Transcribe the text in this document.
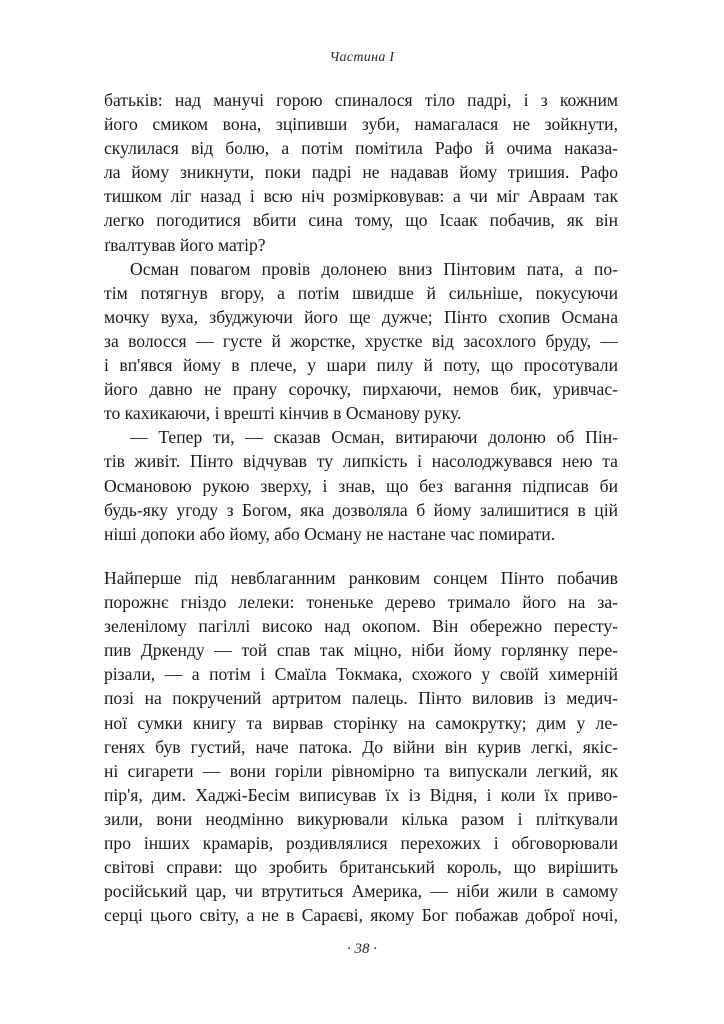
Частина I
батьків: над манучі горою спиналося тіло падрі, і з кожним
його смиком вона, зціпивши зуби, намагалася не зойкнути,
скулилася від болю, а потім помітила Рафо й очима наказа-
ла йому зникнути, поки падрі не надавав йому тришия. Рафо
тишком ліг назад і всю ніч розмірковував: а чи міг Авраам так
легко погодитися вбити сина тому, що Ісаак побачив, як він
ґвалтував його матір?
Осман повагом провів долонею вниз Пінтовим пата, а по-
тім потягнув вгору, а потім швидше й сильніше, покусуючи
мочку вуха, збуджуючи його ще дужче; Пінто схопив Османа
за волосся — густе й жорстке, хрустке від засохлого бруду, —
і вп'явся йому в плече, у шари пилу й поту, що просотували
його давно не прану сорочку, пирхаючи, немов бик, уривчас-
то кахикаючи, і врешті кінчив в Османову руку.
— Тепер ти, — сказав Осман, витираючи долоню об Пін-
тів живіт. Пінто відчував ту липкість і насолоджувався нею та
Османовою рукою зверху, і знав, що без вагання підписав би
будь-яку угоду з Богом, яка дозволяла б йому залишитися в цій
ніші допоки або йому, або Осману не настане час помирати.
Найперше під невблаганним ранковим сонцем Пінто побачив
порожнє гніздо лелеки: тоненьке дерево тримало його на за-
зеленілому пагіллі високо над окопом. Він обережно пересту-
пив Дркенду — той спав так міцно, ніби йому горлянку пере-
різали, — а потім і Смаїла Токмака, схожого у своїй химерній
позі на покручений артритом палець. Пінто виловив із медич-
ної сумки книгу та вирвав сторінку на самокрутку; дим у ле-
генях був густий, наче патока. До війни він курив легкі, якіс-
ні сигарети — вони горіли рівномірно та випускали легкий, як
пір'я, дим. Хаджі-Бесім виписував їх із Відня, і коли їх приво-
зили, вони неодмінно викурювали кілька разом і пліткували
про інших крамарів, роздивлялися перехожих і обговорювали
світові справи: що зробить британський король, що вирішить
російський цар, чи втрутиться Америка, — ніби жили в самому
серці цього світу, а не в Сараєві, якому Бог побажав доброї ночі,
· 38 ·
